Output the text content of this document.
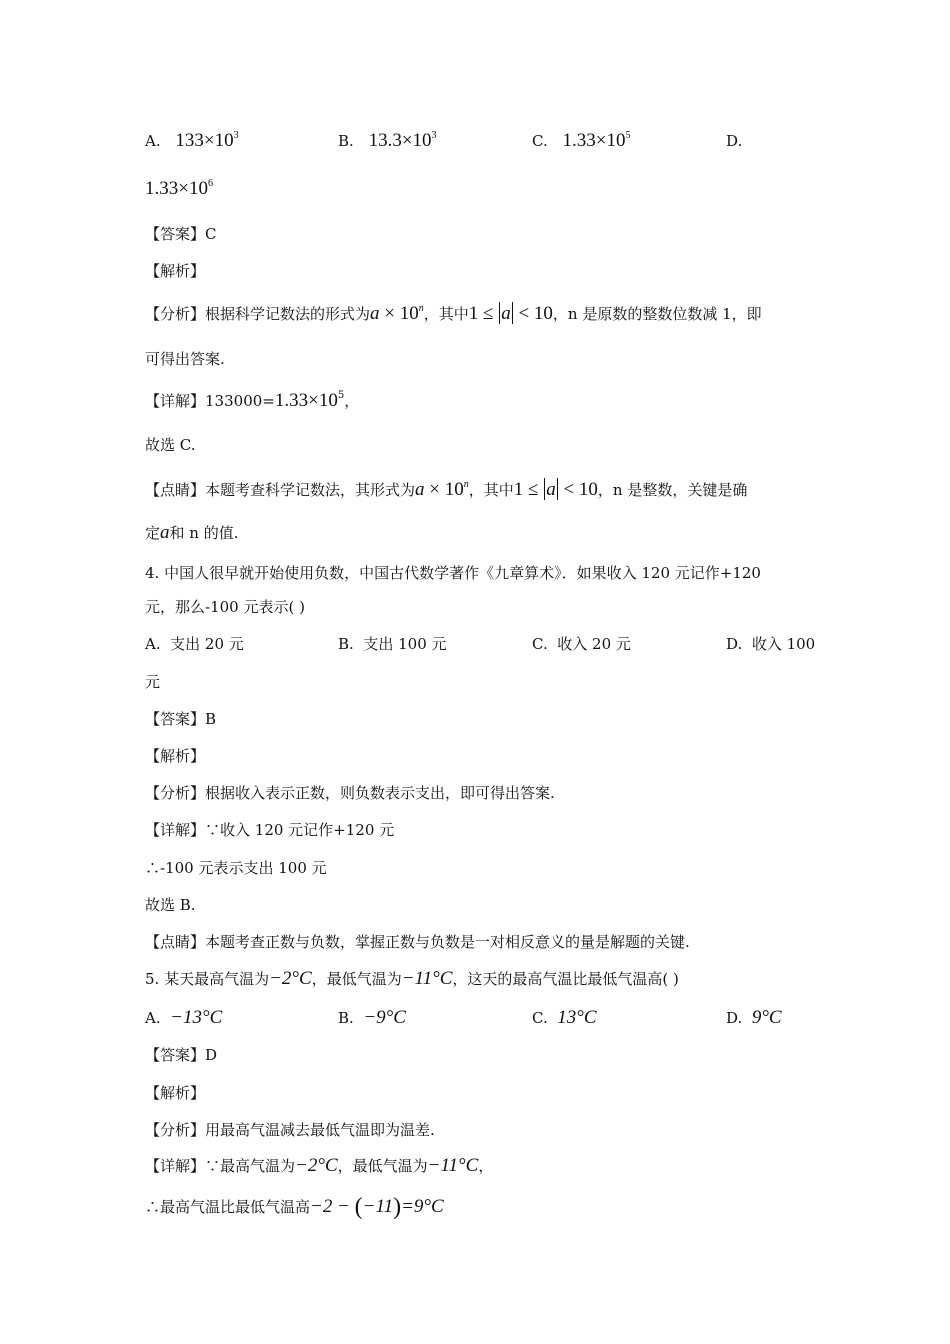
A. $133\times 10^3$	B. $13.3\times 10^3$	C. $1.33\times 10^5$	D.
$1.33\times 10^6$
【答案】C
【解析】
【分析】根据科学记数法的形式为$a \times 10^n$，其中1 ≤ a < 10，n 是原数的整数位数减 1，即
可得出答案.
【详解】$133000=1.33\times 10^5$，
故选 C.
【点睛】本题考查科学记数法，其形式为$a \times 10^n$，其中1 ≤ a < 10，n 是整数，关键是确
定a和 n 的值.
4. 中国人很早就开始使用负数，中国古代数学著作《九章算术》．如果收入 120 元记作+120
元，那么-100 元表示( )
A. 支出 20 元	B. 支出 100 元	C. 收入 20 元	D. 收入 100
元
【答案】B
【解析】
【分析】根据收入表示正数，则负数表示支出，即可得出答案.
【详解】∵收入 120 元记作+120 元
∴-100 元表示支出 100 元
故选 B.
【点睛】本题考查正数与负数，掌握正数与负数是一对相反意义的量是解题的关键.
5. 某天最高气温为−2°C，最低气温为−11°C，这天的最高气温比最低气温高( )
A. −13°C	B. −9°C	C. 13°C	D. 9°C
【答案】D
【解析】
【分析】用最高气温减去最低气温即为温差.
【详解】∵最高气温为−2°C，最低气温为−11°C，
∴最高气温比最低气温高−2 − (−11)=9°C
